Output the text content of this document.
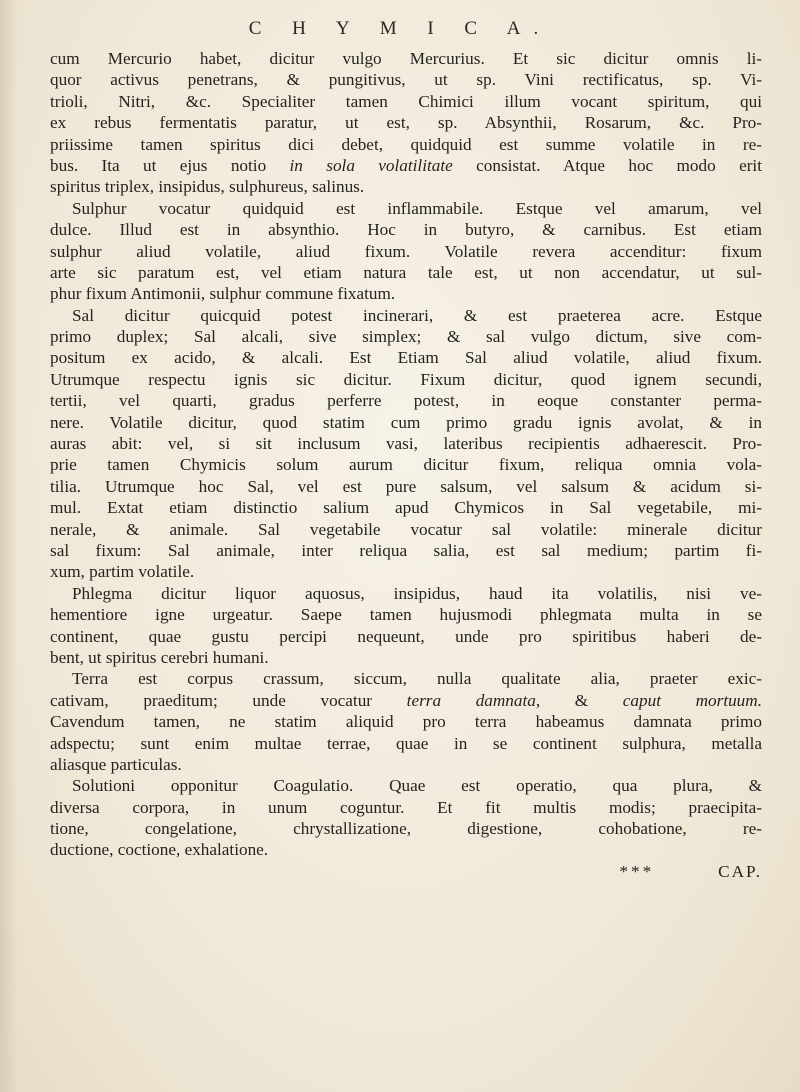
C H Y M I C A.
cum Mercurio habet, dicitur vulgo Mercurius. Et sic dicitur omnis li-
quor activus penetrans, & pungitivus, ut sp. Vini rectificatus, sp. Vi-
trioli, Nitri, &c. Specialiter tamen Chimici illum vocant spiritum, qui
ex rebus fermentatis paratur, ut est, sp. Absynthii, Rosarum, &c. Pro-
priissime tamen spiritus dici debet, quidquid est summe volatile in re-
bus. Ita ut ejus notio in sola volatilitate consistat. Atque hoc modo erit
spiritus triplex, insipidus, sulphureus, salinus.
Sulphur vocatur quidquid est inflammabile. Estque vel amarum, vel
dulce. Illud est in absynthio. Hoc in butyro, & carnibus. Est etiam
sulphur aliud volatile, aliud fixum. Volatile revera accenditur: fixum
arte sic paratum est, vel etiam natura tale est, ut non accendatur, ut sul-
phur fixum Antimonii, sulphur commune fixatum.
Sal dicitur quicquid potest incinerari, & est praeterea acre. Estque
primo duplex; Sal alcali, sive simplex; & sal vulgo dictum, sive com-
positum ex acido, & alcali. Est Etiam Sal aliud volatile, aliud fixum.
Utrumque respectu ignis sic dicitur. Fixum dicitur, quod ignem secundi,
tertii, vel quarti, gradus perferre potest, in eoque constanter perma-
nere. Volatile dicitur, quod statim cum primo gradu ignis avolat, & in
auras abit: vel, si sit inclusum vasi, lateribus recipientis adhaerescit. Pro-
prie tamen Chymicis solum aurum dicitur fixum, reliqua omnia vola-
tilia. Utrumque hoc Sal, vel est pure salsum, vel salsum & acidum si-
mul. Extat etiam distinctio salium apud Chymicos in Sal vegetabile, mi-
nerale, & animale. Sal vegetabile vocatur sal volatile: minerale dicitur
sal fixum: Sal animale, inter reliqua salia, est sal medium; partim fi-
xum, partim volatile.
Phlegma dicitur liquor aquosus, insipidus, haud ita volatilis, nisi ve-
hementiore igne urgeatur. Saepe tamen hujusmodi phlegmata multa in se
continent, quae gustu percipi nequeunt, unde pro spiritibus haberi de-
bent, ut spiritus cerebri humani.
Terra est corpus crassum, siccum, nulla qualitate alia, praeter exic-
cativam, praeditum; unde vocatur terra damnata, & caput mortuum.
Cavendum tamen, ne statim aliquid pro terra habeamus damnata primo
adspectu; sunt enim multae terrae, quae in se continent sulphura, metalla
aliasque particulas.
Solutioni opponitur Coagulatio. Quae est operatio, qua plura, &
diversa corpora, in unum coguntur. Et fit multis modis; praecipita-
tione, congelatione, chrystallizatione, digestione, cohobatione, re-
ductione, coctione, exhalatione.
***	CAP.
